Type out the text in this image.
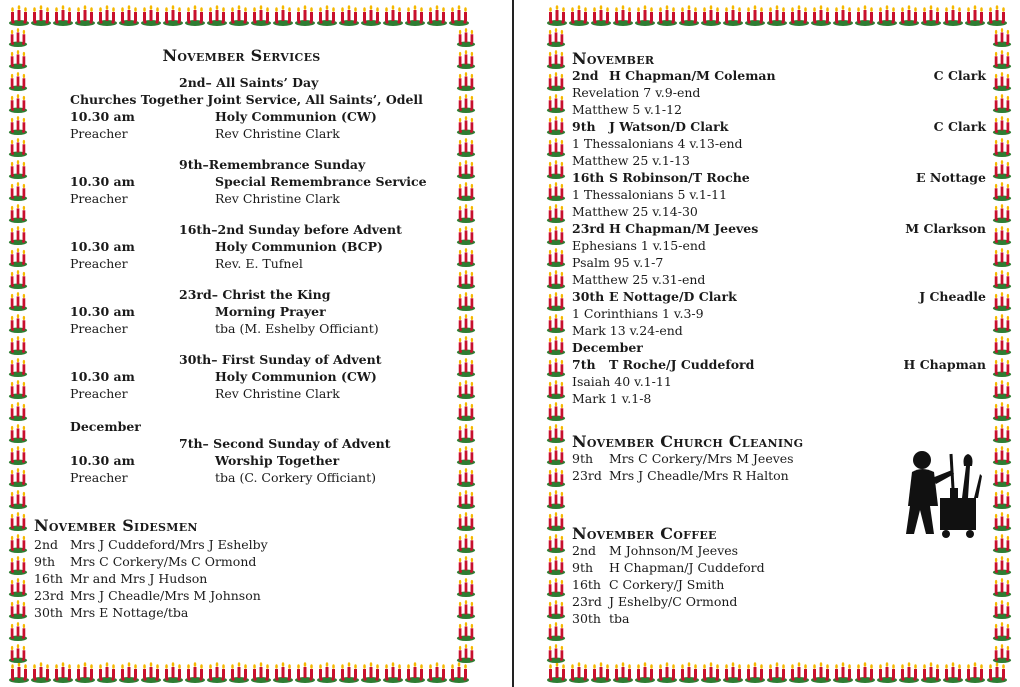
November Services
2nd– All Saints’ Day
Churches Together Joint Service, All Saints’, Odell
10.30 am	Holy Communion (CW)
Preacher	Rev Christine Clark
9th–Remembrance Sunday
10.30 am	Special Remembrance Service
Preacher	Rev Christine Clark
16th–2nd Sunday before Advent
10.30 am	Holy Communion (BCP)
Preacher	Rev. E. Tufnel
23rd– Christ the King
10.30 am	Morning Prayer
Preacher	tba (M. Eshelby Officiant)
30th– First Sunday of Advent
10.30 am	Holy Communion (CW)
Preacher	Rev Christine Clark
December
7th– Second Sunday of Advent
10.30 am	Worship Together
Preacher	tba (C. Corkery Officiant)
November Sidesmen
2nd Mrs J Cuddeford/Mrs J Eshelby
9th Mrs C Corkery/Ms C Ormond
16th Mr and Mrs J Hudson
23rd Mrs J Cheadle/Mrs M Johnson
30th Mrs E Nottage/tba
November
2nd H Chapman/M Coleman	C Clark
Revelation 7 v.9-end
Matthew 5 v.1-12
9th J Watson/D Clark	C Clark
1 Thessalonians 4 v.13-end
Matthew 25 v.1-13
16th S Robinson/T Roche	E Nottage
1 Thessalonians 5 v.1-11
Matthew 25 v.14-30
23rd H Chapman/M Jeeves	M Clarkson
Ephesians 1 v.15-end
Psalm 95 v.1-7
Matthew 25 v.31-end
30th E Nottage/D Clark	J Cheadle
1 Corinthians 1 v.3-9
Mark 13 v.24-end
December
7th T Roche/J Cuddeford	H Chapman
Isaiah 40 v.1-11
Mark 1 v.1-8
November Church Cleaning
9th Mrs C Corkery/Mrs M Jeeves
23rd Mrs J Cheadle/Mrs R Halton
November Coffee
2nd M Johnson/M Jeeves
9th H Chapman/J Cuddeford
16th C Corkery/J Smith
23rd J Eshelby/C Ormond
30th tba
